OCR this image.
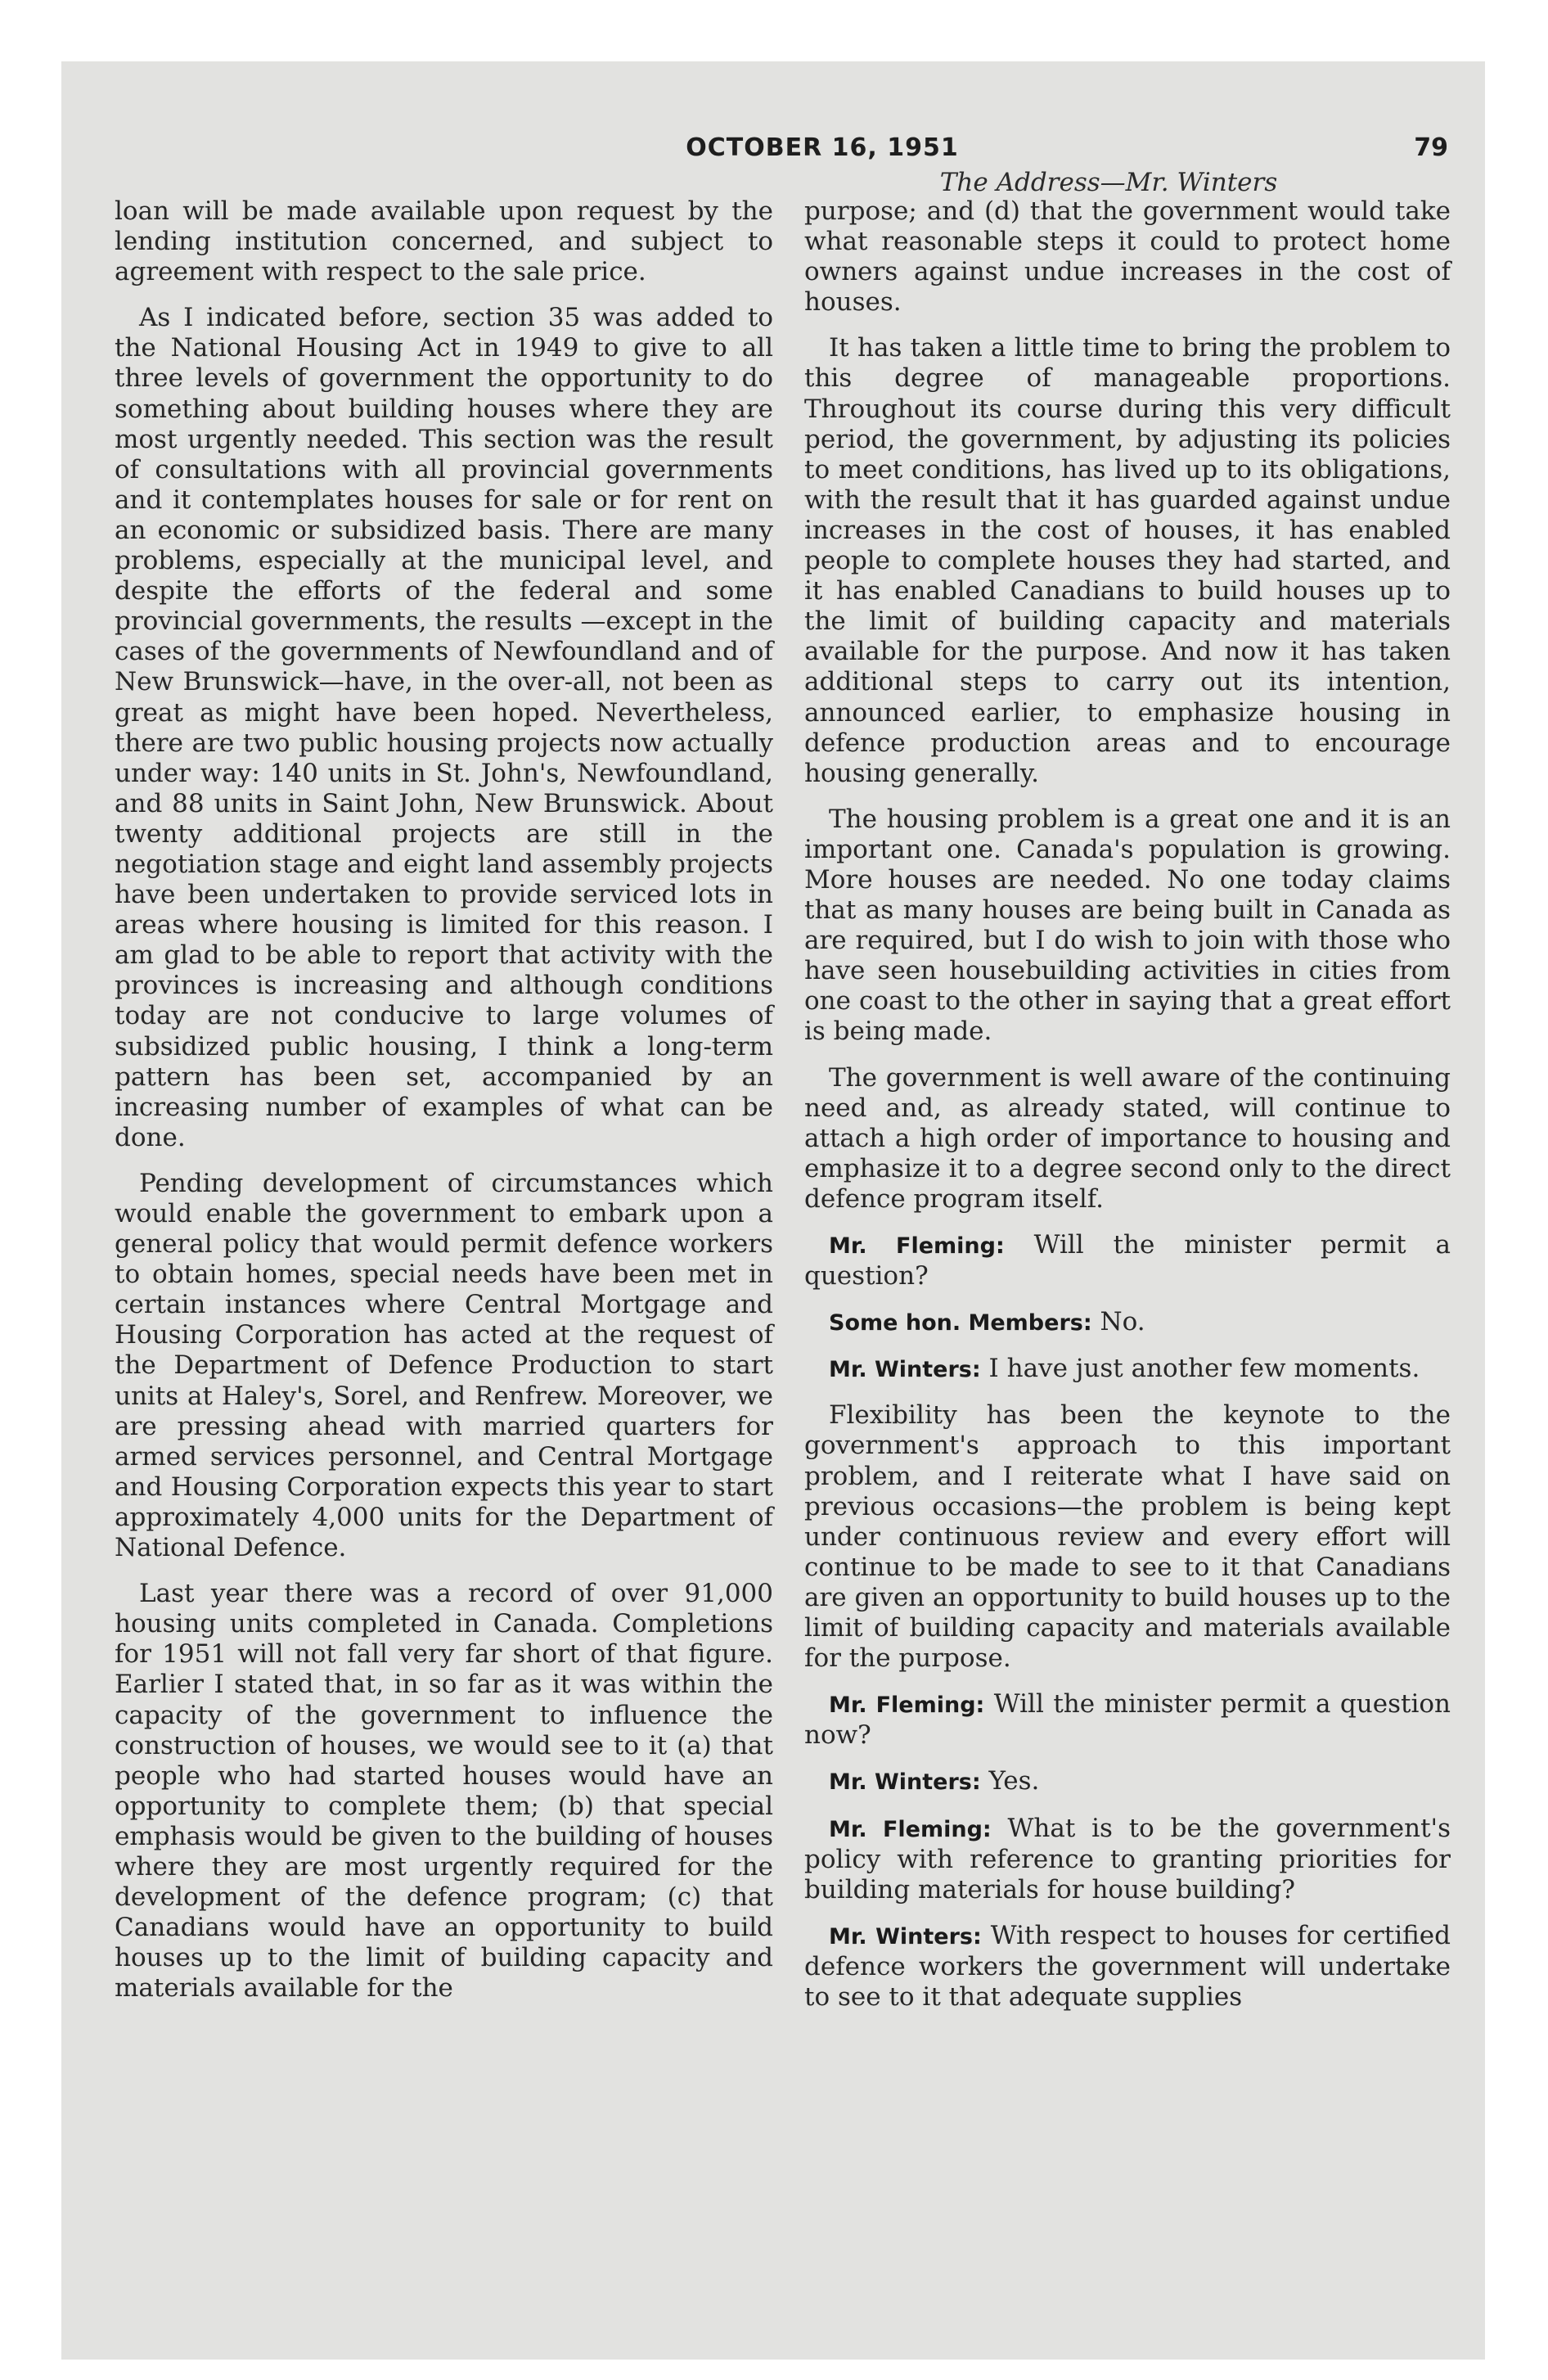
OCTOBER 16, 1951	79
The Address—Mr. Winters

loan will be made available upon request by the lending institution concerned, and subject to agreement with respect to the sale price.

As I indicated before, section 35 was added to the National Housing Act in 1949 to give to all three levels of government the opportunity to do something about building houses where they are most urgently needed. This section was the result of consultations with all provincial governments and it contemplates houses for sale or for rent on an economic or subsidized basis. There are many problems, especially at the municipal level, and despite the efforts of the federal and some provincial governments, the results —except in the cases of the governments of Newfoundland and of New Brunswick—have, in the over-all, not been as great as might have been hoped. Nevertheless, there are two public housing projects now actually under way: 140 units in St. John's, Newfoundland, and 88 units in Saint John, New Brunswick. About twenty additional projects are still in the negotiation stage and eight land assembly projects have been undertaken to provide serviced lots in areas where housing is limited for this reason. I am glad to be able to report that activity with the provinces is increasing and although conditions today are not conducive to large volumes of subsidized public housing, I think a long-term pattern has been set, accompanied by an increasing number of examples of what can be done.

Pending development of circumstances which would enable the government to embark upon a general policy that would permit defence workers to obtain homes, special needs have been met in certain instances where Central Mortgage and Housing Corporation has acted at the request of the Department of Defence Production to start units at Haley's, Sorel, and Renfrew. Moreover, we are pressing ahead with married quarters for armed services personnel, and Central Mortgage and Housing Corporation expects this year to start approximately 4,000 units for the Department of National Defence.

Last year there was a record of over 91,000 housing units completed in Canada. Completions for 1951 will not fall very far short of that figure. Earlier I stated that, in so far as it was within the capacity of the government to influence the construction of houses, we would see to it (a) that people who had started houses would have an opportunity to complete them; (b) that special emphasis would be given to the building of houses where they are most urgently required for the development of the defence program; (c) that Canadians would have an opportunity to build houses up to the limit of building capacity and materials available for the

purpose; and (d) that the government would take what reasonable steps it could to protect home owners against undue increases in the cost of houses.

It has taken a little time to bring the problem to this degree of manageable proportions. Throughout its course during this very difficult period, the government, by adjusting its policies to meet conditions, has lived up to its obligations, with the result that it has guarded against undue increases in the cost of houses, it has enabled people to complete houses they had started, and it has enabled Canadians to build houses up to the limit of building capacity and materials available for the purpose. And now it has taken additional steps to carry out its intention, announced earlier, to emphasize housing in defence production areas and to encourage housing generally.

The housing problem is a great one and it is an important one. Canada's population is growing. More houses are needed. No one today claims that as many houses are being built in Canada as are required, but I do wish to join with those who have seen housebuilding activities in cities from one coast to the other in saying that a great effort is being made.

The government is well aware of the continuing need and, as already stated, will continue to attach a high order of importance to housing and emphasize it to a degree second only to the direct defence program itself.

Mr. Fleming: Will the minister permit a question?

Some hon. Members: No.

Mr. Winters: I have just another few moments.

Flexibility has been the keynote to the government's approach to this important problem, and I reiterate what I have said on previous occasions—the problem is being kept under continuous review and every effort will continue to be made to see to it that Canadians are given an opportunity to build houses up to the limit of building capacity and materials available for the purpose.

Mr. Fleming: Will the minister permit a question now?

Mr. Winters: Yes.

Mr. Fleming: What is to be the government's policy with reference to granting priorities for building materials for house building?

Mr. Winters: With respect to houses for certified defence workers the government will undertake to see to it that adequate supplies
